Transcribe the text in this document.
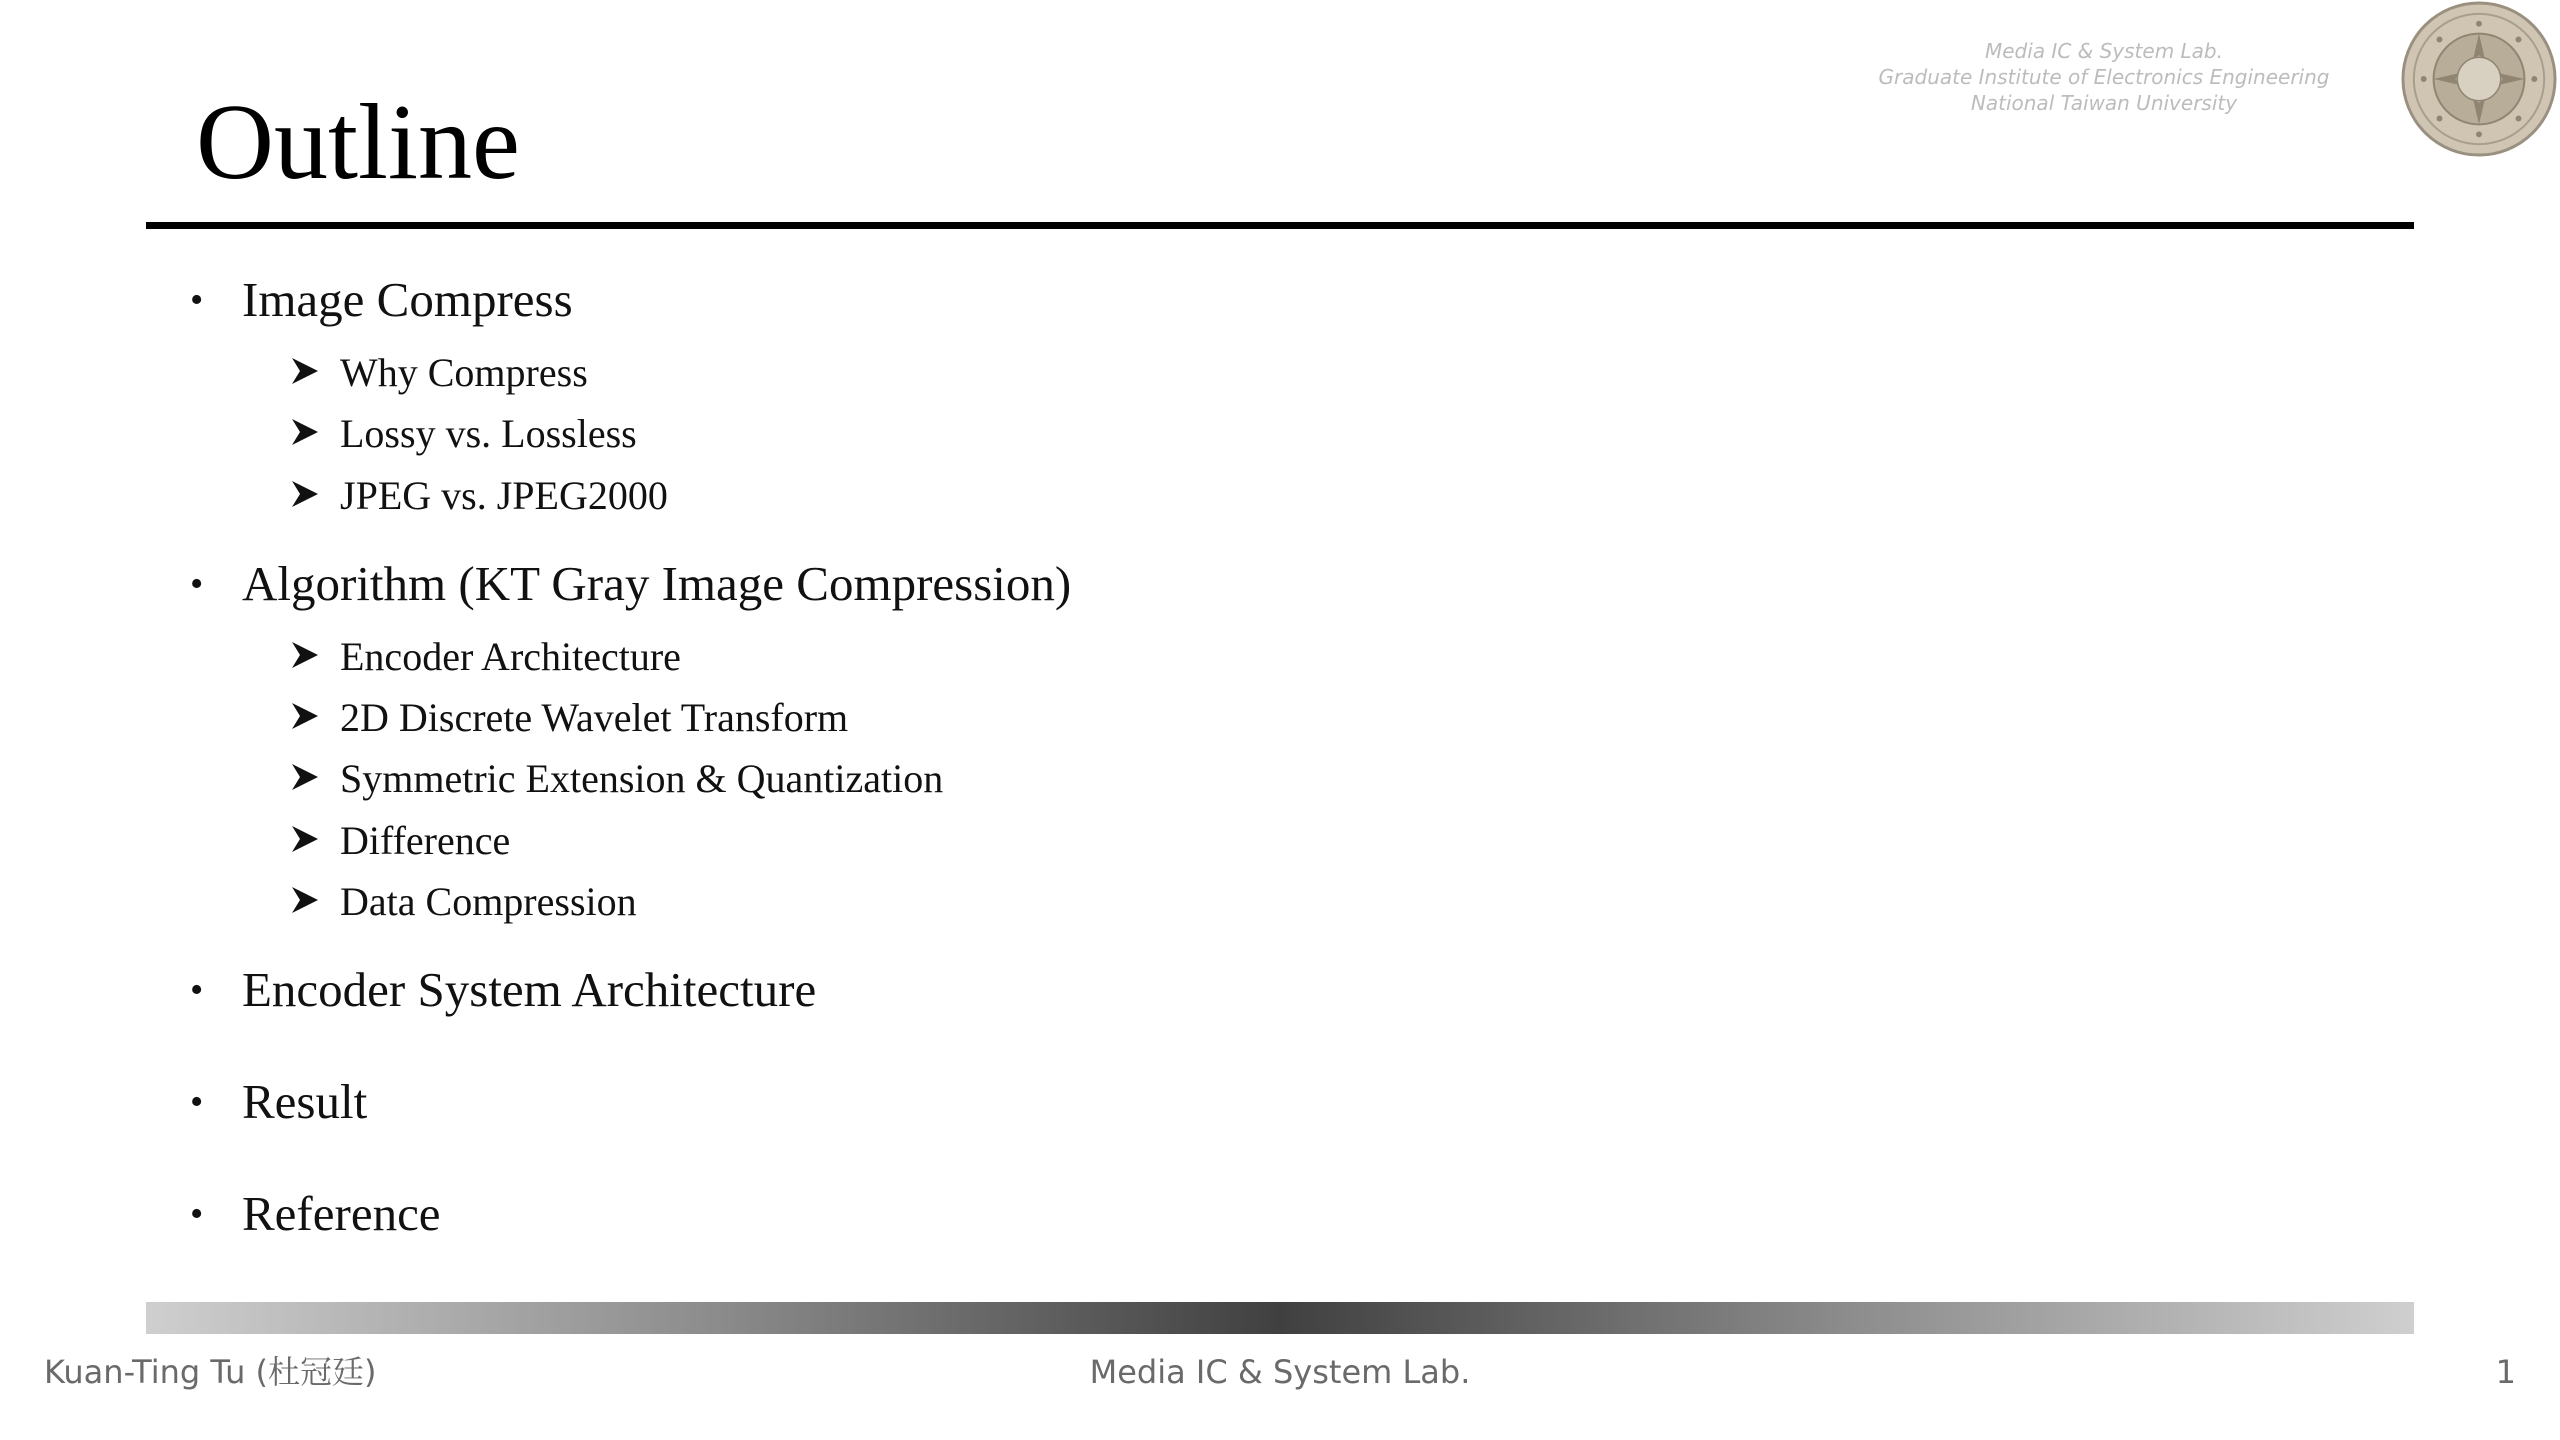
Outline
Media IC & System Lab.
Graduate Institute of Electronics Engineering
National Taiwan University
• Image Compress
Why Compress
Lossy vs. Lossless
JPEG vs. JPEG2000
• Algorithm (KT Gray Image Compression)
Encoder Architecture
2D Discrete Wavelet Transform
Symmetric Extension & Quantization
Difference
Data Compression
• Encoder System Architecture
• Result
• Reference
Kuan-Ting Tu (杜冠廷)	Media IC & System Lab.	1
